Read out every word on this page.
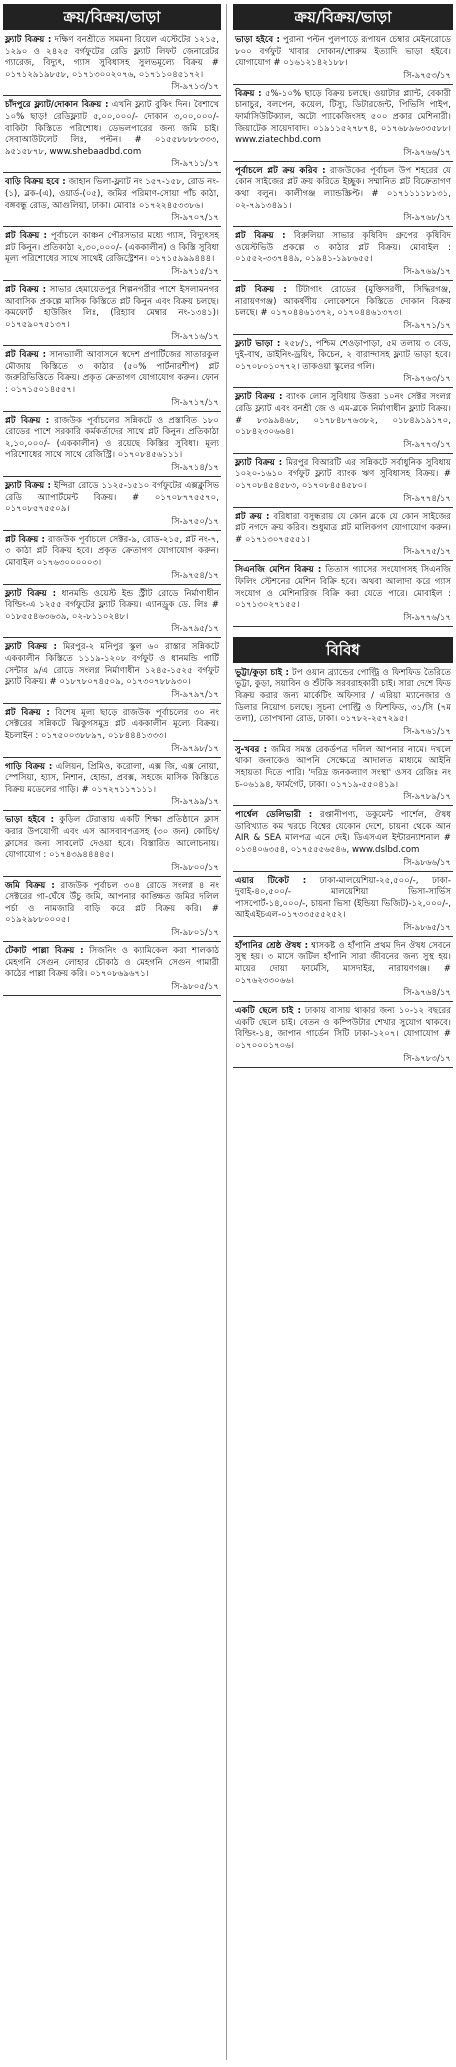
ক্রয়/বিক্রয়/ভাড়া
ফ্ল্যাট বিক্রয় : দক্ষিণ বনশ্রীতে সমমনা রিয়েল এস্টেটের ১২১৫, ১২৯০ ও ২৪২৫ বর্গফুটের রেডি ফ্ল্যাট লিফট জেনারেটর গ্যারেজ, বিদ্যুৎ, গ্যাস সুবিধাসহ সুলভমূল্যে বিক্রয় # ০১৭১২৯১৯৮৫৮, ০১৭১৩০০২০৭৬, ০১৭১১০৪৫১৭২।
সি-৯৭১৩/১৭
চাঁদপুরে ফ্ল্যাট/দোকান বিক্রয় : এখনি ফ্ল্যাট বুকিং দিন। বৈশাখে ১০% ছাড়! রেডিফ্ল্যাট ৫,০০,০০০/- দোকান ৩,০০,০০০/- বাকিটা কিস্তিতে পরিশোধ। ডেভলপারের জন্য জমি চাই। সেবাআউটলেট লিঃ, পল্টন। # ০১৫৫৮৮৮৮৩৩৩, ৯৫১৫৮৭৮, www.shebaadbd.com
সি-৯৭১১/১৭
বাড়ি বিক্রয় হবে : জাহান ভিলা-ফ্ল্যাট নং ১৫৭-১৫৮, রোড নং-(১), ব্লক-(এ), ওয়ার্ড-(০৫), জমির পরিমাণ-সোয়া পাঁচ কাঠা, বঙ্গবন্ধু রোড, আগুলিয়া, ঢাকা। মোবাঃ ০১৭২২৪৫৩৩৮৬।
সি-৯৭০৭/১৭
প্লট বিক্রয় : পূর্বাচলে কাঞ্চন পৌরসভার মধ্যে গ্যাস, বিদ্যুৎসহ প্লট কিনুন। প্রতিকাঠা ২,৩০,০০০/- (এককালীন) ও কিস্তি সুবিধা মূল্য পরিশোধের সাথে সাথেই রেজিস্ট্রেশন। ০১৭১৫৯৯৯৪৪৪।
সি-৯৭১৫/১৭
প্লট বিক্রয় : সাভার হেমায়েতপুর শিল্পনগরীর পাশে ইসলামনগর আবাসিক প্রকল্পে মাসিক কিস্তিতে প্লট কিনুন এবং বিক্রয় চলছে। কমফোর্ট হাউজিং লিঃ, (রিহ্যাব মেম্বার নং-১৩৪১)। ০১৭৫৯০৭৫১৩৭।
সি-৯৭১৬/১৭
প্লট বিক্রয় : সানভ্যালী আবাসনে স্বদেশ প্রপার্টিজের সাতারকুল মৌজায় কিস্তিতে ৩ কাঠার (৫০% পার্টনারশীপ) প্লট জরুরিভিত্তিতে বিক্রয়। প্রকৃত ক্রেতাগণ যোগাযোগ করুন। ফোন : ০১৭১৫০১৪৫৫৭।
সি-৯৭১৭/১৭
প্লট বিক্রয় : রাজউক পূর্বাচলের সন্নিকটে ও প্রস্তাবিত ১৮০ রোডের পাশে সরকারি কর্মকর্তাদের সাথে প্লট কিনুন। প্রতিকাঠা ২,১০,০০০/- (এককালীন) ও রয়েছে কিস্তির সুবিধা। মূল্য পরিশোধের সাথে সাথে রেজিস্ট্রি। ০১৭০৮৪৫৬১১১।
সি-৯৭১৪/১৭
ফ্ল্যাট বিক্রয় : ইন্দিরা রোডে ১১২৫-১৫১০ বর্গফুটের এক্সক্লুসিভ রেডি অ্যাপার্টমেন্ট বিক্রয়। # ০১৭০৮৭৭৫৫৭০, ০১৭০৮৫৭৫৫০৯।
সি-৯৭৫০/১৭
প্লট বিক্রয় : রাজউক পূর্বাচলে সেক্টর-৯, রোড-২১৫, প্লট নং-৭, ৩ কাঠা প্লট বিক্রয় হবে। প্রকৃত ক্রেতাগণ যোগাযোগ করুন। মোবাইল ০১৭৬৩০০০০০৩।
সি-৯৭৫৪/১৭
ফ্ল্যাট বিক্রয় : ধানমন্ডি ওয়েস্ট ইন্ড স্ট্রীট রোডে নির্মাণাধীন বিল্ডিং-এ ১২৫৫ বর্গফুটের ফ্ল্যাট বিক্রয়। এ্যানড্রুক ডে. লিঃ # ০১৮৫৫৪৬৩৬৩৯, ০২-৮১১০২৪৮।
সি-৯৭৯৫/১৭
ফ্ল্যাট বিক্রয় : মিরপুর-২ মনিপুর স্কুল ৬০ রাস্তার সন্নিকটে এককালীন কিস্তিতে ১১১৯-১২০৮ বর্গফুট ও ধানমন্ডি পার্টি সেন্টার ৯/এ রোডে সংলগ্ন নির্মাণাধীন ১২৪৫-১৫২৫ বর্গফুট ফ্ল্যাট বিক্রয়। # ০১৮৭৮০৭৪৫০৯, ০১৭৩০৭৮৮৯৩০।
সি-৯৭৯৭/১৭
প্লট বিক্রয় : বিশেষ মূল্য ছাড়ে রাজউক পূর্বাচলের ৩০ নং সেক্টরের সন্নিকটে ঝিকুগসমুদ্র প্লট এককালীন মূল্যে বিক্রয়। ইচলাইন : ০১৭৫০০৩৮৮৯৭, ০১৮৪৪৪১৩৩৩।
সি-৯৭৯৮/১৭
গাড়ি বিক্রয় : এলিয়ন, প্রিমিও, করোলা, এক্স জি, এক্স নোয়া, স্পেসিয়া, হ্যাস, নিশান, হোন্ডা, প্রবক্স, সহজে মাসিক কিস্তিতে বিক্রয় মডেলের গাড়ি। # ০১৭২৭১১৭১১১।
সি-৯৭৯৯/১৭
ভাড়া হইবে : কুড়িল টেরাত্তায় একটি শিক্ষা প্রতিষ্ঠানে ক্লাস করার উপযোগী এবং এস আসবাবপত্রসহ (৩০ জন) কোচিং/ক্লাসের জন্য সাবলেট দেওয়া হবে। বিস্তারিত আলোচনায়। যোগাযোগ : ০১৭৪৩৯৪৪৪৪৫।
সি-৯৮০০/১৭
জমি বিক্রয় : রাজউক পূর্বাচল ৩০৪ রোডে সংলগ্ন ৪ নং সেক্টরের গা-ঘেঁষে উঁচু জমি, আপনার কাঙ্ক্ষিত জমির দলিল পর্চা ও নামজারি বাড়ি করে প্লট বিক্রয় করি। # ০১৯২৯৮৮০০০৫।
সি-৯৮০১/১৭
টেকাট পাল্লা বিক্রয় : সিজনিং ও ক্যামিকেল করা শালকাঠ মেহগনি সেগুন লোহার চৌকাঠ ও মেহগনি সেগুন গামারী কাঠের পাল্লা বিক্রয় করি। ০১৭০৮৬৯৬৭১।
সি-৯৮০৫/১৭
ক্রয়/বিক্রয়/ভাড়া
ভাড়া হইবে : পুরানা পল্টন পুলপাড়ে রূপায়ন চেম্বার মেইনরোডে ৮০০ বর্গফুট খাবার দোকান/শোরুম ইত্যাদি ভাড়া হইবে। যোগাযোগ # ০১৬১২১৪২১৮৮।
সি-৯৭৫৩/১৭
বিক্রয় : ৫%-১০% ছাড়ে বিক্রয় চলছে। ওয়াটার প্ল্যান্ট, বেকারী চানাচুর, বলপেন, কয়েল, টিস্যু, ডিটারজেন্ট, পিভিসি পাইপ, ফার্মাসিউটিক্যাল, অটো প্যাকেজিংসহ ৫০০ প্রকার মেশিনারী। জিয়াটেক সায়েদাবাদ। ০১৯১১৫২৭৮৭৪, ০১৭৬৮৯৬৩৩৫৮৮। www.ziatechbd.com
সি-৯৭৬৬/১৭
পূর্বাচলে প্লট ক্রয় করিব : রাজউকের পূর্বাচল উপ শহরের যে কোন সাইজের প্লট ক্রয় করিতে ইচ্ছুক। সম্মানিত প্লট বিক্রেতাগণ কথা বলুন। কালীগঞ্জ ল্যান্ডস্ক্রিপ্ট। # ০১৭১১১১৮১৩১, ০২-৭৯১৩৪৯১।
সি-৯৭৬৮/১৭
প্লট বিক্রয় : বিরুলিয়া সাভার কৃষিবিদ গ্রুপের কৃষিবিদ ওয়েস্টভিউ প্রকল্পে ৩ কাঠার প্লট বিক্রয়। মোবাইল : ০১৫৫২-৩৩৭৪৪৯, ০১৯৪১-১৯৮৬৫৫।
সি-৯৭৬৯/১৭
প্লট বিক্রয় : টিটাগাং রোডের (মুক্তিসরণী, সিদ্ধিরগঞ্জ, নারায়ণগঞ্জ) আকর্ষণীয় লোকেশনে কিস্তিতে দোকান বিক্রয় চলছে। # ০১৭০৪৪৬১৩৭২, ০১৭০৪৪৬১৩৭৩।
সি-৯৭৭১/১৭
ফ্ল্যাট ভাড়া : ২৫৮/১, পশ্চিম শেওড়াপাড়া, ৫ম তলায় ৩ বেড, দুই-বাথ, ডাইনিং-ড্রয়িং, কিচেন, ২ বারান্দাসহ ফ্ল্যাট ভাড়া হবে। ০১৭০৮০১০৭৭২। তাকওয়া স্কুলের গলি।
সি-৯৭৬৩/১৭
ফ্ল্যাট বিক্রয় : ব্যাংক লোন সুবিধায় উত্তরা ১০নং সেক্টর সংলগ্ন রেডি ফ্ল্যাট এবং বনশ্রী জে ও এম-ব্লকে নির্মাণাধীন ফ্ল্যাট বিক্রয়। # ৮৩৯৯৪৬৮, ০১৭৮৪৮৭৬৩৮২, ০১৮৪৯১৯১৭০, ০১৮৪২৩০৬৬৪।
সি-৯৭৭৩/১৭
ফ্ল্যাট বিক্রয় : মিরপুর বিআরটি এর সন্নিকটে সর্বাধুনিক সুবিধায় ১০২০-১৬১০ বর্গফুট ফ্ল্যাট ব্যাংক ঋণ সুবিধাসহ বিক্রয়। # ০১৭০৮৪৫৪৫৮৩, ০১৭০৮৪৫৪৫৮০।
সি-৯৭৭৪/১৭
প্লট ক্রয় : বরিধারা বসুন্ধরায় যে কোন ব্লকে যে কোন সাইজের প্লট নগদে ক্রয় করিব। শুধুমাত্র প্লট মালিকগণ যোগাযোগ করুন। # ০১৭১৩০৭৫৫৫১।
সি-৯৭৭৫/১৭
সিএনজি মেশিন বিক্রয় : তিতাস গ্যাসের সংযোগসহ সিএনজি ফিলিং স্টেশনের মেশিন বিক্রি হবে। অথবা আলাদা করে গ্যাস সংযোগ ও মেশিনারিজ বিক্রি করা যেতে পারে। মোবাইল : ০১৭১৩০২৭১৫৫।
সি-৯৭৭৬/১৭
বিবিধ
ভুট্টা/কুড়া চাই : টপ ওয়ান ব্র্যান্ডের পোল্ট্রি ও ফিশফিড তৈরিতে ভুট্টা, কুড়া, সয়াবিন ও শুঁটকি সরবরাহকারী চাই। সারা দেশে ফিড বিক্রয় করার জন্য মার্কেটিং অফিসার / এরিয়া ম্যানেজার ও ডিলার নিয়োগ চলছে। সূচনা পোল্ট্রি ও ফিশফিড, ৩১/সি (৭ম তলা), তোপখানা রোড, ঢাকা। ০১৭৮২-২৫৭২৯৫।
সি-৯৭৬১/১৭
সু-খবর : জমির সমস্ত রেকর্ডপত্র দলিল আপনার নামে। দখলে থাকা জনাকেও আপনি সেক্ষেত্রে আদালত মাধ্যমে আইনি সহায়তা দিতে পারি। 'দরিদ্র জনকল্যাণ সংস্থা' ওসব রেজিঃ নং চ-০৬১৯৪, ফার্মগেট, ঢাকা। ০১৭১৯-৫৫০৪১৯।
সি-৯৭৮৯/১৭
পার্শ্বেল ডেলিভারী : রপ্তানীপণ্য, ডকুমেন্ট পার্শেল, ঔষধ ডাবিখ্যাত কম খরচে বিশ্বের যেকোন দেশে, চায়না থেকে আন AIR & SEA মালপত্র এনে দেই। ডিএসএল ইন্টারন্যাশনাল # ০১৩৪০৬৩৫৪, ০১৭৫৫৫৬৫৪৬, www.dslbd.com
সি-৯৮৬৬/১৭
এয়ার টিকেট : ঢাকা-মালয়েশিয়া-২৫,৫০০/-, ঢাকা-দুবাই-৪০,৫০০/- মালয়েশিয়া ভিসা-সার্ভিস পাসপোর্ট-১৪,০০০/-, চায়না ভিসা (ইন্ডিয়া ভিজিট)-১২,০০০/-, আইএইচএল-০১৭৩৩৫৫৫২৫২।
সি-৯৮৬৫/১৭
হাঁপানির শ্রেষ্ঠ ঔষধ : শ্বাসকষ্ট ও হাঁপানি প্রথম দিন ঔষধ সেবনে সুস্থ হয়। ৩ মাসে জটিল হাঁপানি সারা জীবনের জন্য সুস্থ হয়। মায়ের দোয়া ফার্মেসি, মাসদাইর, নারায়ণগঞ্জ। # ০১৭৬২৩৩০৬৬।
সি-৯৭৬৪/১৭
একটি ছেলে চাই : ঢাকায় বাসায় থাকার জন্য ১০-১২ বছরের একটি ছেলে চাই। বেতন ও কম্পিউটার শেখার সুযোগ থাকবে। বিল্ডিং-১৪, জাপান গার্ডেন সিটি ঢাকা-১২০৭। যোগাযোগ # ০১৭০০০১৭০৬।
সি-৯৭৮৩/১৭
